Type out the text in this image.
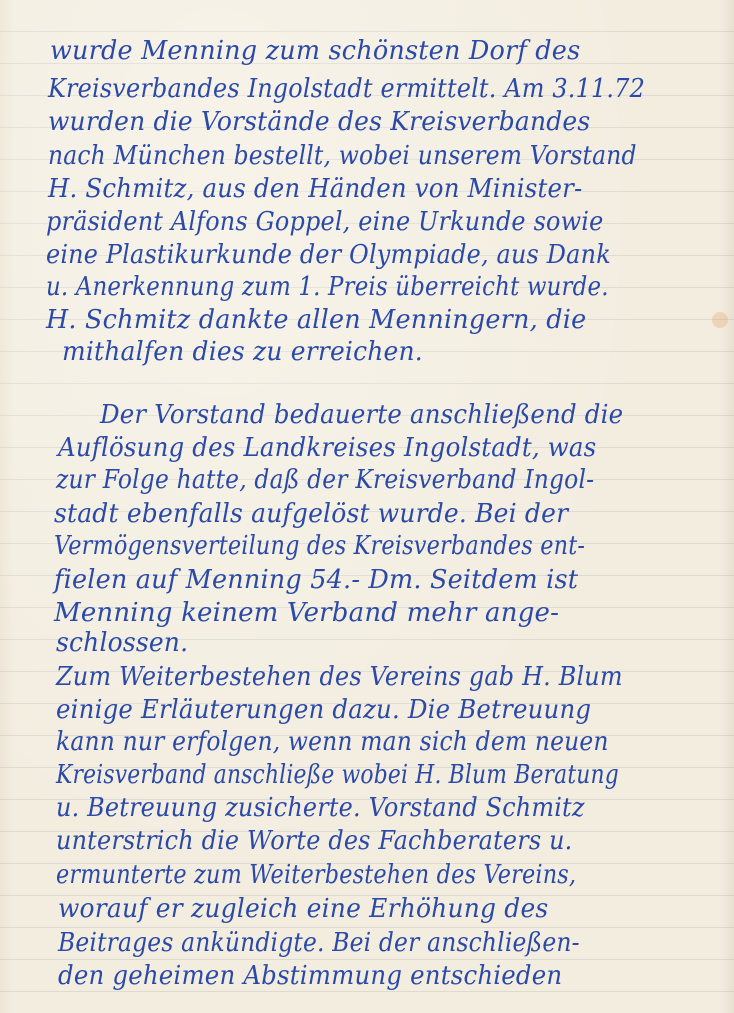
wurde Menning zum schönsten Dorf des
Kreisverbandes Ingolstadt ermittelt. Am 3.11.72
wurden die Vorstände des Kreisverbandes
nach München bestellt, wobei unserem Vorstand
H. Schmitz, aus den Händen von Minister-
präsident Alfons Goppel, eine Urkunde sowie
eine Plastikurkunde der Olympiade, aus Dank
u. Anerkennung zum 1. Preis überreicht wurde.
H. Schmitz dankte allen Menningern, die
mithalfen dies zu erreichen.
Der Vorstand bedauerte anschließend die
Auflösung des Landkreises Ingolstadt, was
zur Folge hatte, daß der Kreisverband Ingol-
stadt ebenfalls aufgelöst wurde. Bei der
Vermögensverteilung des Kreisverbandes ent-
fielen auf Menning 54.- Dm. Seitdem ist
Menning keinem Verband mehr ange-
schlossen.
Zum Weiterbestehen des Vereins gab H. Blum
einige Erläuterungen dazu. Die Betreuung
kann nur erfolgen, wenn man sich dem neuen
Kreisverband anschließe wobei H. Blum Beratung
u. Betreuung zusicherte. Vorstand Schmitz
unterstrich die Worte des Fachberaters u.
ermunterte zum Weiterbestehen des Vereins,
worauf er zugleich eine Erhöhung des
Beitrages ankündigte. Bei der anschließen-
den geheimen Abstimmung entschieden
